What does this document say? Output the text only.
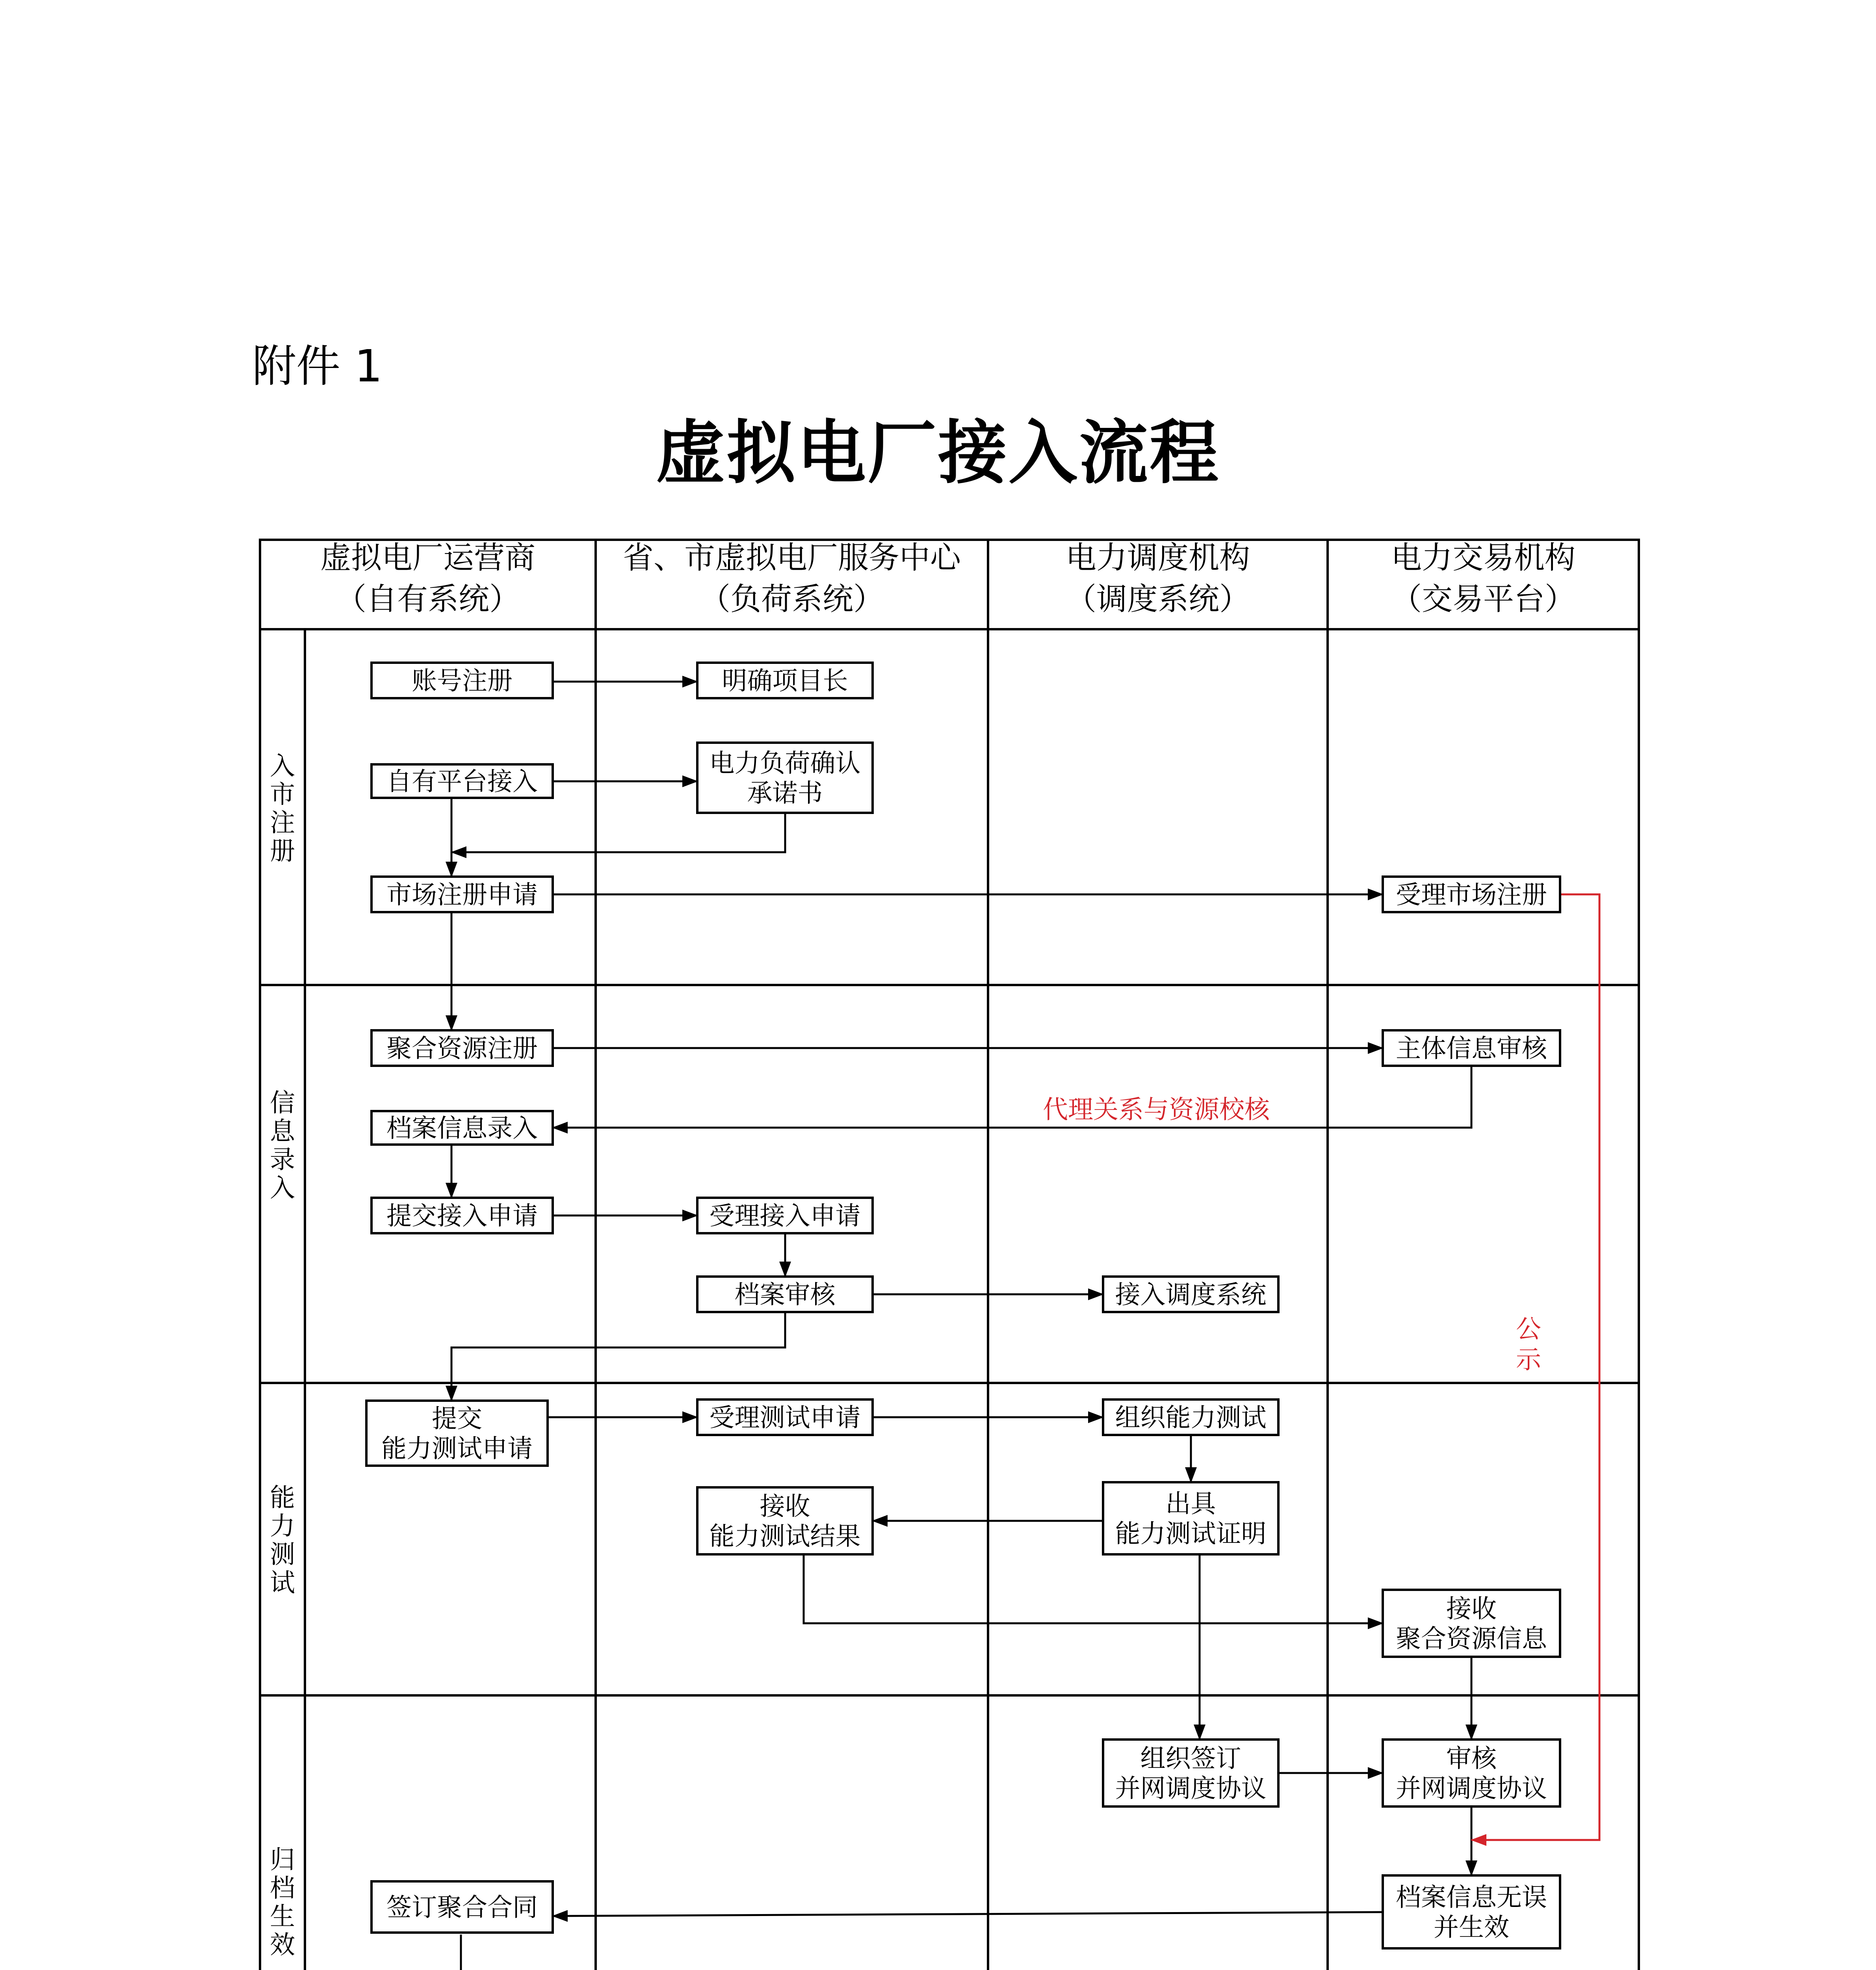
附件 1
虚拟电厂接入流程
虚拟电厂运营商
（自有系统）
省、市虚拟电厂服务中心
（负荷系统）
电力调度机构
（调度系统）
电力交易机构
（交易平台）
入
市
注
册
信
息
录
入
能
力
测
试
归
档
生
效
代理关系与资源校核
公
示
账号注册	明确项目长
自有平台接入
电力负荷确认
承诺书
市场注册申请	受理市场注册
聚合资源注册	主体信息审核
档案信息录入
提交接入申请	受理接入申请
档案审核	接入调度系统
提交
能力测试申请
受理测试申请	组织能力测试
接收
能力测试结果
出具
能力测试证明
接收
聚合资源信息
组织签订
并网调度协议
审核
并网调度协议
签订聚合合同	档案信息无误
并生效
